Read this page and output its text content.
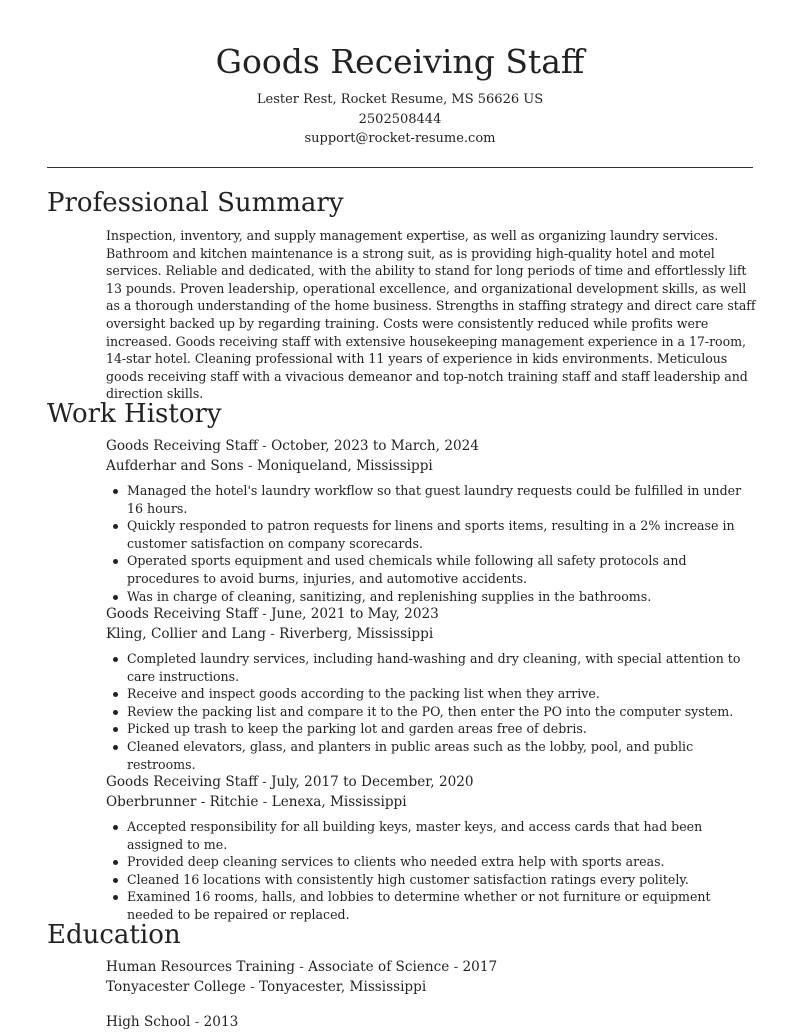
Goods Receiving Staff
Lester Rest, Rocket Resume, MS 56626 US
2502508444
support@rocket-resume.com
Professional Summary
Inspection, inventory, and supply management expertise, as well as organizing laundry services. Bathroom and kitchen maintenance is a strong suit, as is providing high-quality hotel and motel services. Reliable and dedicated, with the ability to stand for long periods of time and effortlessly lift 13 pounds. Proven leadership, operational excellence, and organizational development skills, as well as a thorough understanding of the home business. Strengths in staffing strategy and direct care staff oversight backed up by regarding training. Costs were consistently reduced while profits were increased. Goods receiving staff with extensive housekeeping management experience in a 17-room, 14-star hotel. Cleaning professional with 11 years of experience in kids environments. Meticulous goods receiving staff with a vivacious demeanor and top-notch training staff and staff leadership and direction skills.
Work History
Goods Receiving Staff - October, 2023 to March, 2024
Aufderhar and Sons - Moniqueland, Mississippi
Managed the hotel's laundry workflow so that guest laundry requests could be fulfilled in under 16 hours.
Quickly responded to patron requests for linens and sports items, resulting in a 2% increase in customer satisfaction on company scorecards.
Operated sports equipment and used chemicals while following all safety protocols and procedures to avoid burns, injuries, and automotive accidents.
Was in charge of cleaning, sanitizing, and replenishing supplies in the bathrooms.
Goods Receiving Staff - June, 2021 to May, 2023
Kling, Collier and Lang - Riverberg, Mississippi
Completed laundry services, including hand-washing and dry cleaning, with special attention to care instructions.
Receive and inspect goods according to the packing list when they arrive.
Review the packing list and compare it to the PO, then enter the PO into the computer system.
Picked up trash to keep the parking lot and garden areas free of debris.
Cleaned elevators, glass, and planters in public areas such as the lobby, pool, and public restrooms.
Goods Receiving Staff - July, 2017 to December, 2020
Oberbrunner - Ritchie - Lenexa, Mississippi
Accepted responsibility for all building keys, master keys, and access cards that had been assigned to me.
Provided deep cleaning services to clients who needed extra help with sports areas.
Cleaned 16 locations with consistently high customer satisfaction ratings every politely.
Examined 16 rooms, halls, and lobbies to determine whether or not furniture or equipment needed to be repaired or replaced.
Education
Human Resources Training - Associate of Science - 2017
Tonyacester College - Tonyacester, Mississippi
High School - 2013
